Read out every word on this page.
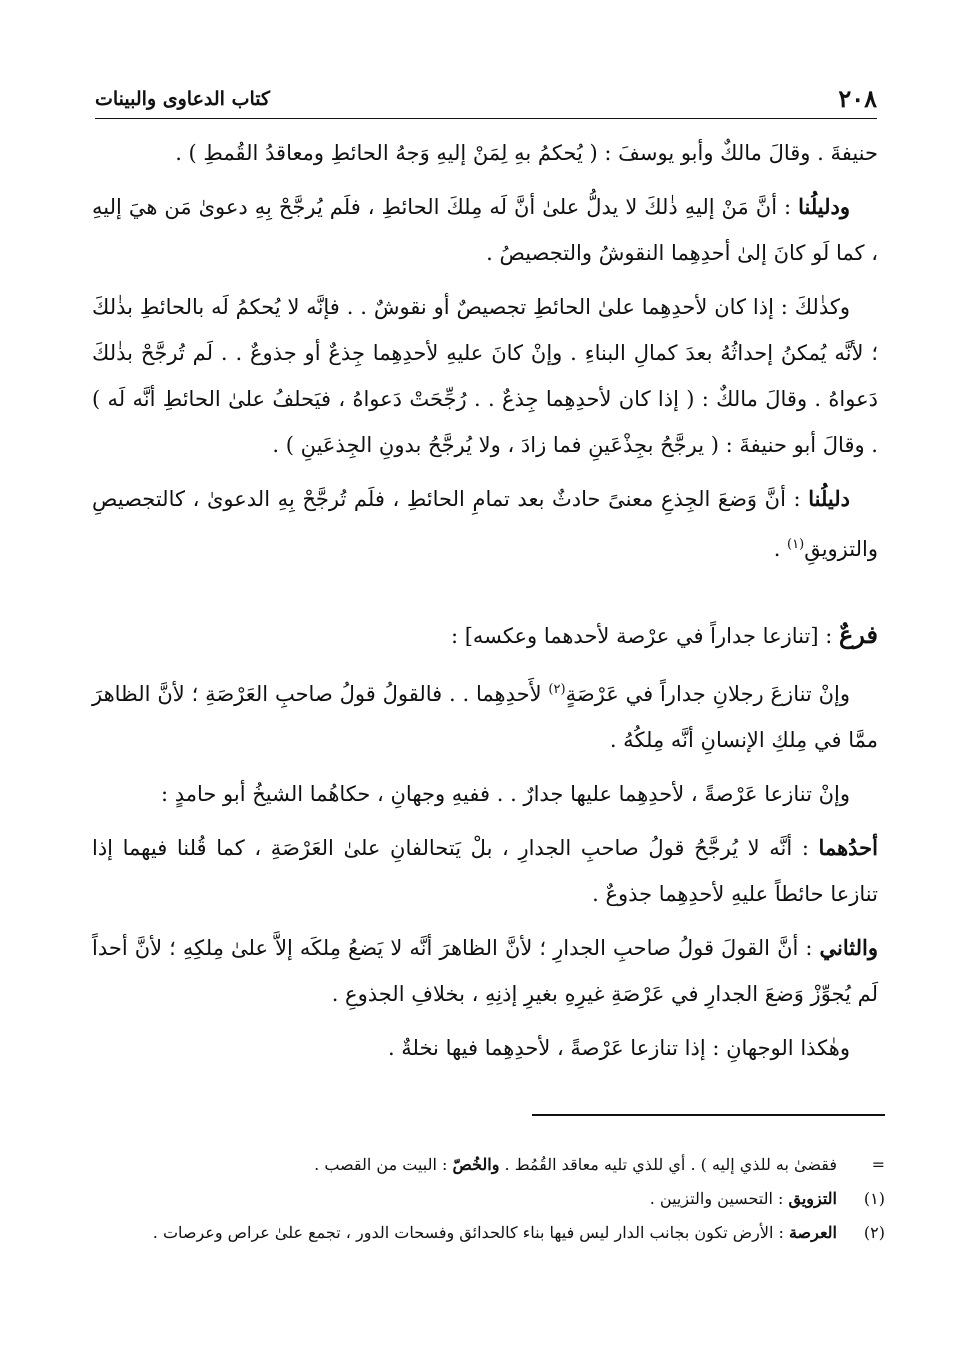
٢٠٨
كتاب الدعاوى والبينات

حنيفةَ . وقالَ مالكٌ وأبو يوسفَ : ( يُحكمُ بهِ لِمَنْ إليهِ وَجهُ الحائطِ ومعاقدُ القُمطِ ) .

ودليلُنا : أنَّ مَنْ إليهِ ذٰلكَ لا يدلُّ علىٰ أنَّ لَه مِلكَ الحائطِ ، فلَم يُرجَّحْ بِهِ دعوىٰ مَن هيَ إليهِ ، كما لَو كانَ إلىٰ أحدِهِما النقوشُ والتجصيصُ .

وكذٰلكَ : إذا كان لأحدِهِما علىٰ الحائطِ تجصيصٌ أو نقوشٌ . . فإنَّه لا يُحكمُ لَه بالحائطِ بذٰلكَ ؛ لأنَّه يُمكنُ إحداثُهُ بعدَ كمالِ البناءِ . وإنْ كانَ عليهِ لأحدِهِما جِذعٌ أو جذوعٌ . . لَم تُرجَّحْ بذٰلكَ دَعواهُ . وقالَ مالكٌ : ( إذا كان لأحدِهِما جِذعٌ . . رُجِّحَتْ دَعواهُ ، فيَحلفُ علىٰ الحائطِ أنَّه لَه ) . وقالَ أبو حنيفةَ : ( يرجَّحُ بجِذْعَينِ فما زادَ ، ولا يُرجَّحُ بدونِ الجِذعَينِ ) .

دليلُنا : أنَّ وَضعَ الجِذعِ معنىً حادثٌ بعد تمامِ الحائطِ ، فلَم تُرجَّحْ بِهِ الدعوىٰ ، كالتجصيصِ والتزويقِ$^{(١)}$ .

فرعٌ : [تنازعا جداراً في عرْصة لأحدهما وعكسه] :

وإنْ تنازعَ رجلانِ جداراً في عَرْصَةٍ$^{(٢)}$ لأَحدِهِما . . فالقولُ قولُ صاحبِ العَرْصَةِ ؛ لأنَّ الظاهرَ ممَّا في مِلكِ الإنسانِ أنَّه مِلكُهُ .

وإنْ تنازعا عَرْصةً ، لأحدِهِما عليها جدارٌ . . ففيهِ وجهانِ ، حكاهُما الشيخُ أبو حامدٍ :

أحدُهما : أنَّه لا يُرجَّحُ قولُ صاحبِ الجدارِ ، بلْ يَتحالفانِ علىٰ العَرْصَةِ ، كما قُلنا فيهما إذا تنازعا حائطاً عليهِ لأحدِهِما جذوعٌ .

والثاني : أنَّ القولَ قولُ صاحبِ الجدارِ ؛ لأنَّ الظاهرَ أنَّه لا يَضعُ مِلكَه إلاَّ علىٰ مِلكِهِ ؛ لأنَّ أحداً لَم يُجوِّزْ وَضعَ الجدارِ في عَرْصَةِ غيرِهِ بغيرِ إذنِهِ ، بخلافِ الجذوعِ .

وهٰكذا الوجهانِ : إذا تنازعا عَرْصةً ، لأحدِهِما فيها نخلةٌ .

=
فقضىٰ به للذي إليه ) . أي للذي تليه معاقد القُمُط . والخُصّ : البيت من القصب .
(١)
التزويق : التحسين والتزيين .
(٢)
العرصة : الأرض تكون بجانب الدار ليس فيها بناء كالحدائق وفسحات الدور ، تجمع علىٰ عراص وعرصات .
